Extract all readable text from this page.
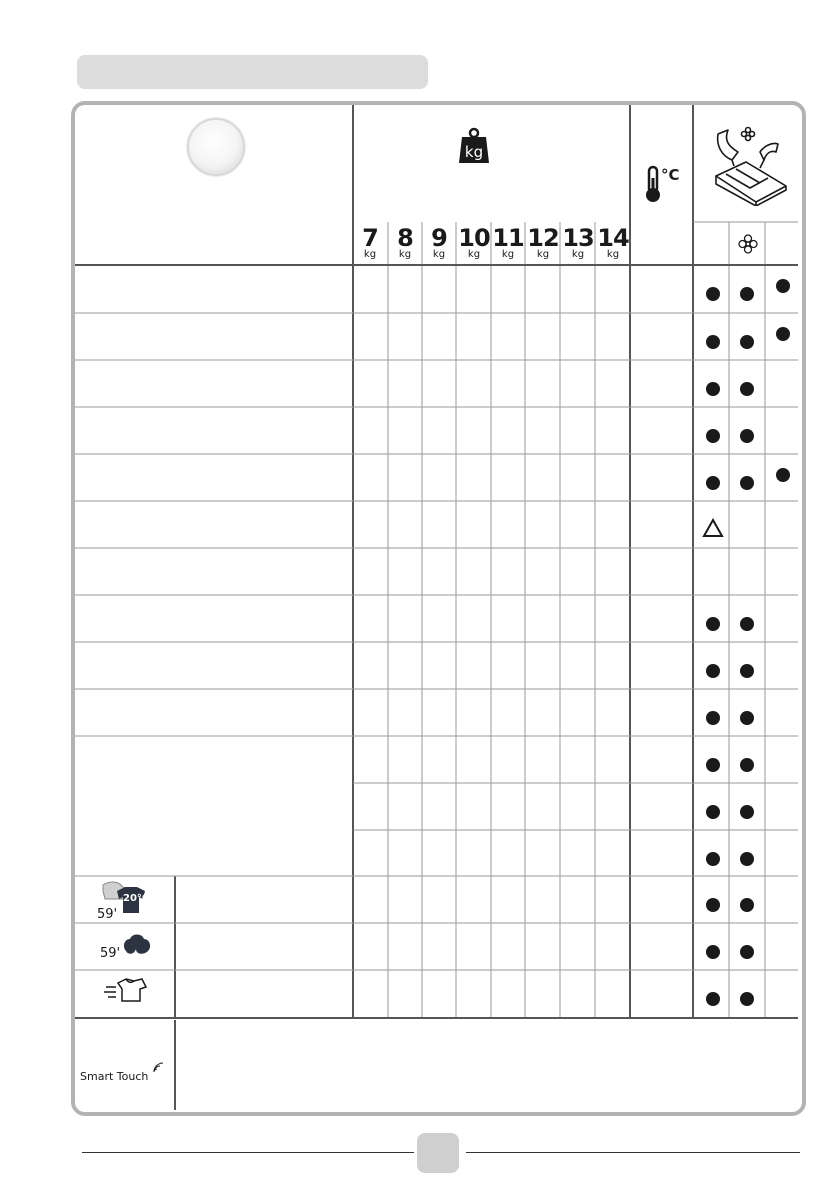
kg
°C
7
kg
8
kg
9
kg
10
kg
11
kg
12
kg
13
kg
14
kg
20°C
59'
59'
Smart Touch
